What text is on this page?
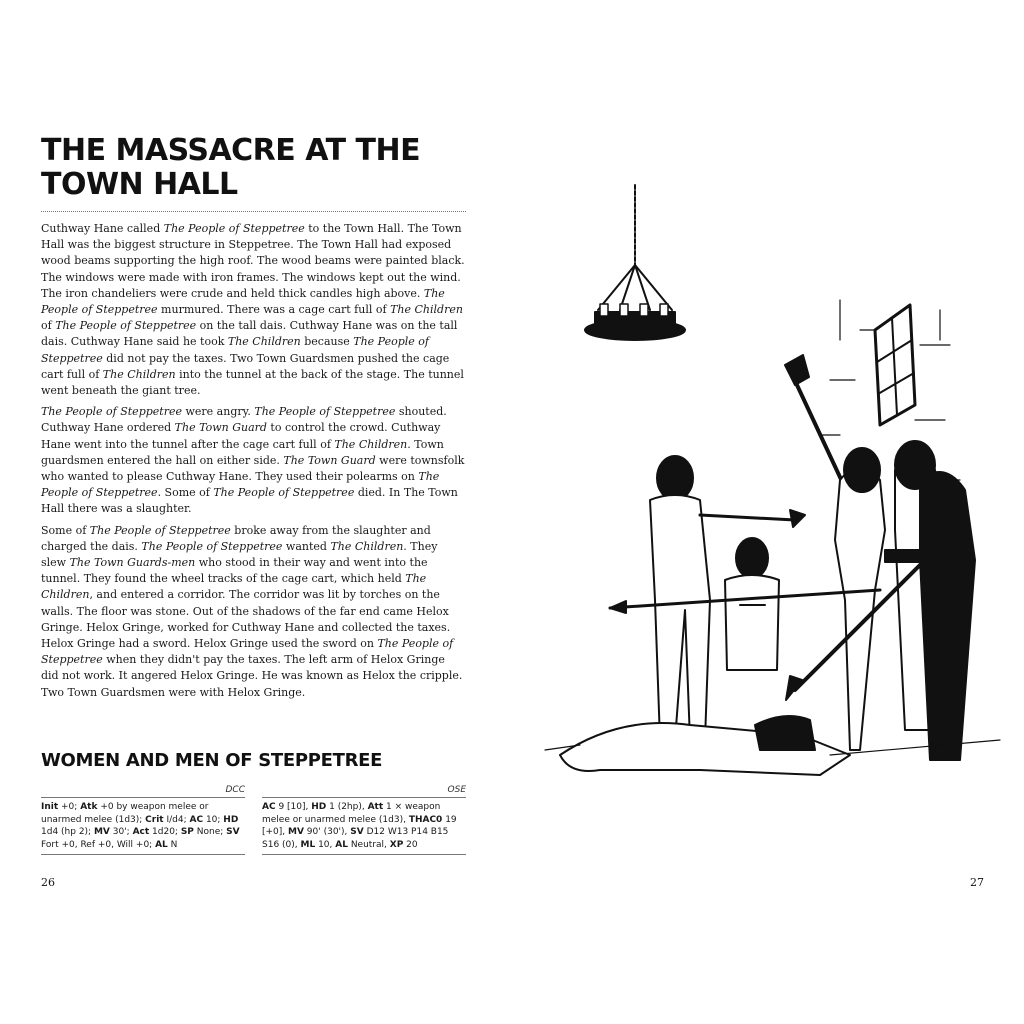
THE MASSACRE AT THE
TOWN HALL

Cuthway Hane called The People of Steppetree to the Town Hall. The Town Hall was the biggest structure in Steppetree. The Town Hall had exposed wood beams supporting the high roof. The wood beams were painted black. The windows were made with iron frames. The windows kept out the wind. The iron chandeliers were crude and held thick candles high above. The People of Steppetree murmured. There was a cage cart full of The Children of The People of Steppetree on the tall dais. Cuthway Hane was on the tall dais. Cuthway Hane said he took The Children because The People of Steppetree did not pay the taxes. Two Town Guardsmen pushed the cage cart full of The Children into the tunnel at the back of the stage. The tunnel went beneath the giant tree.

The People of Steppetree were angry. The People of Steppetree shouted. Cuthway Hane ordered The Town Guard to control the crowd. Cuthway Hane went into the tunnel after the cage cart full of The Children. Town guardsmen entered the hall on either side. The Town Guard were townsfolk who wanted to please Cuthway Hane. They used their polearms on The People of Steppetree. Some of The People of Steppetree died. In The Town Hall there was a slaughter.

Some of The People of Steppetree broke away from the slaughter and charged the dais. The People of Steppetree wanted The Children. They slew The Town Guards-men who stood in their way and went into the tunnel. They found the wheel tracks of the cage cart, which held The Children, and entered a corridor. The corridor was lit by torches on the walls. The floor was stone. Out of the shadows of the far end came Helox Gringe. Helox Gringe, worked for Cuthway Hane and collected the taxes. Helox Gringe had a sword. Helox Gringe used the sword on The People of Steppetree when they didn't pay the taxes. The left arm of Helox Gringe did not work. It angered Helox Gringe. He was known as Helox the cripple. Two Town Guardsmen were with Helox Gringe.

WOMEN AND MEN OF STEPPETREE
DCC
Init +0; Atk +0 by weapon melee or unarmed melee (1d3); Crit I/d4; AC 10; HD 1d4 (hp 2); MV 30'; Act 1d20; SP None; SV Fort +0, Ref +0, Will +0; AL N
OSE
AC 9 [10], HD 1 (2hp), Att 1 × weapon melee or unarmed melee (1d3), THAC0 19 [+0], MV 90' (30'), SV D12 W13 P14 B15 S16 (0), ML 10, AL Neutral, XP 20
26	27
